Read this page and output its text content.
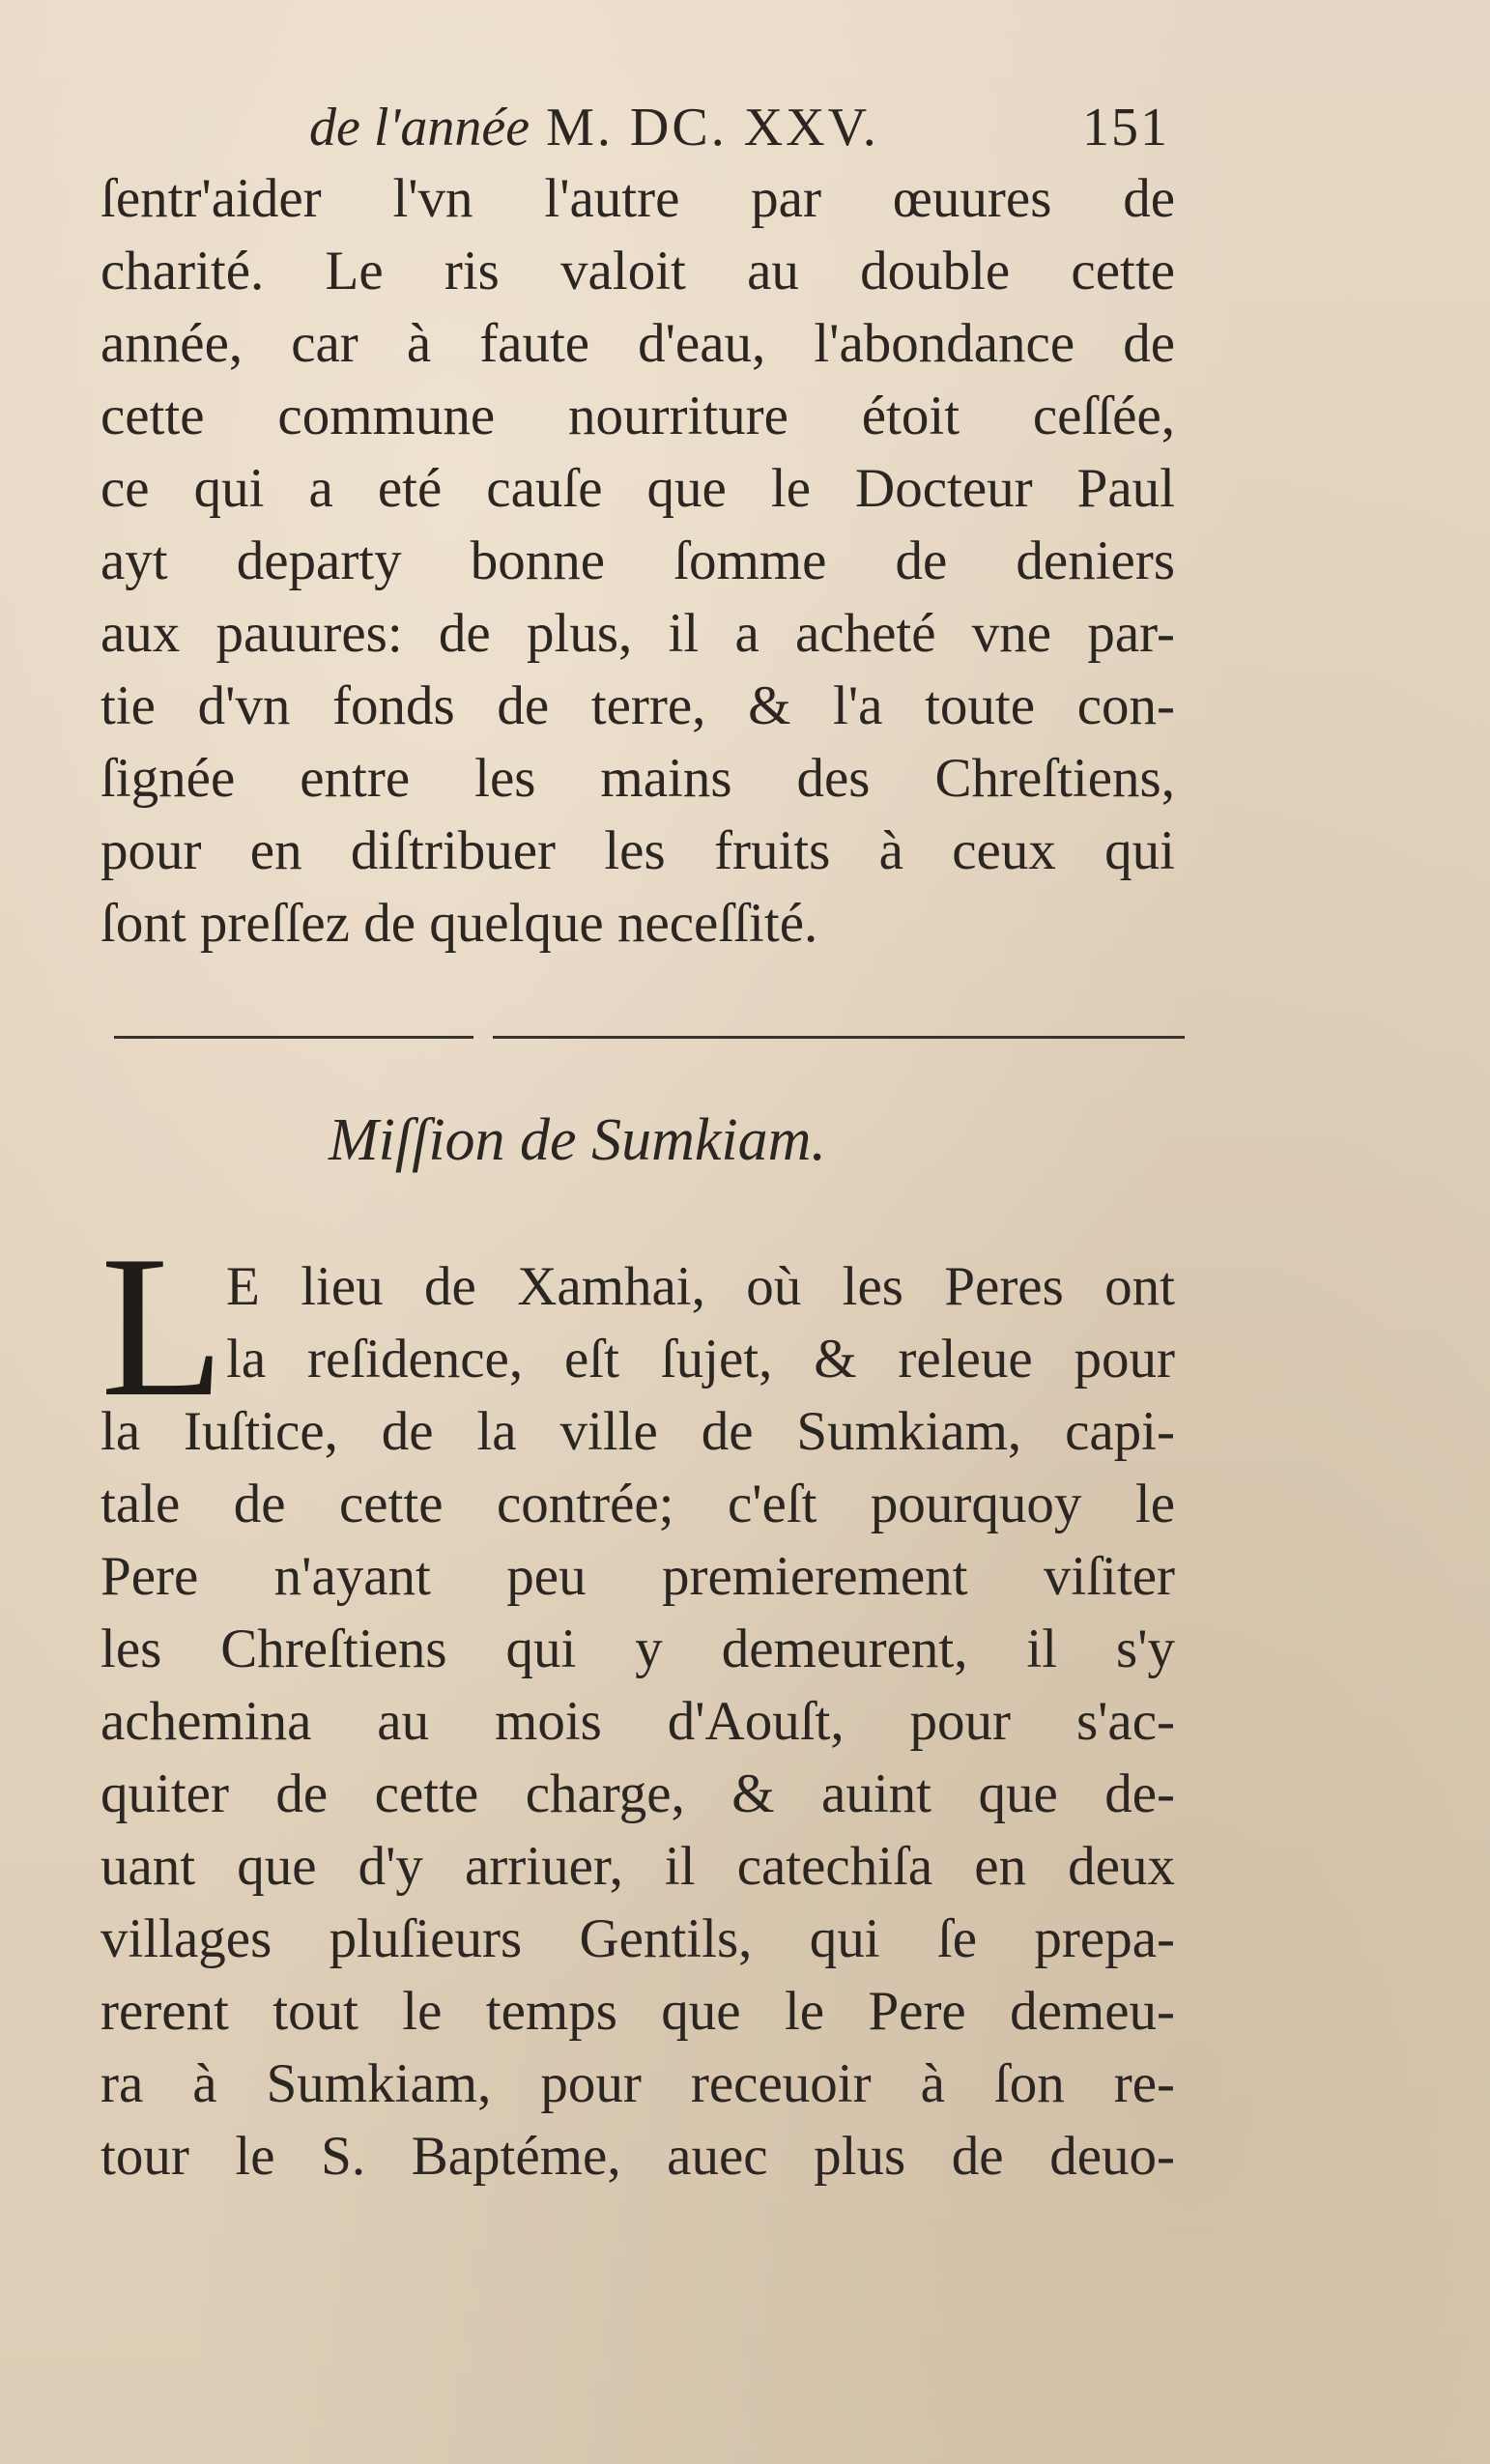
de l'année M. DC. XXV.	151
ſentr'aider l'vn l'autre par œuures de
charité. Le ris valoit au double cette
année, car à faute d'eau, l'abondance de
cette commune nourriture étoit ceſſée,
ce qui a eté cauſe que le Docteur Paul
ayt departy bonne ſomme de deniers
aux pauures: de plus, il a acheté vne par-
tie d'vn fonds de terre, & l'a toute con-
ſignée entre les mains des Chreſtiens,
pour en diſtribuer les fruits à ceux qui
ſont preſſez de quelque neceſſité.
Miſſion de Sumkiam.
L E lieu de Xamhai, où les Peres ont
la reſidence, eſt ſujet, & releue pour
la Iuſtice, de la ville de Sumkiam, capi-
tale de cette contrée; c'eſt pourquoy le
Pere n'ayant peu premierement viſiter
les Chreſtiens qui y demeurent, il s'y
achemina au mois d'Aouſt, pour s'ac-
quiter de cette charge, & auint que de-
uant que d'y arriuer, il catechiſa en deux
villages pluſieurs Gentils, qui ſe prepa-
rerent tout le temps que le Pere demeu-
ra à Sumkiam, pour receuoir à ſon re-
tour le S. Baptéme, auec plus de deuo-
